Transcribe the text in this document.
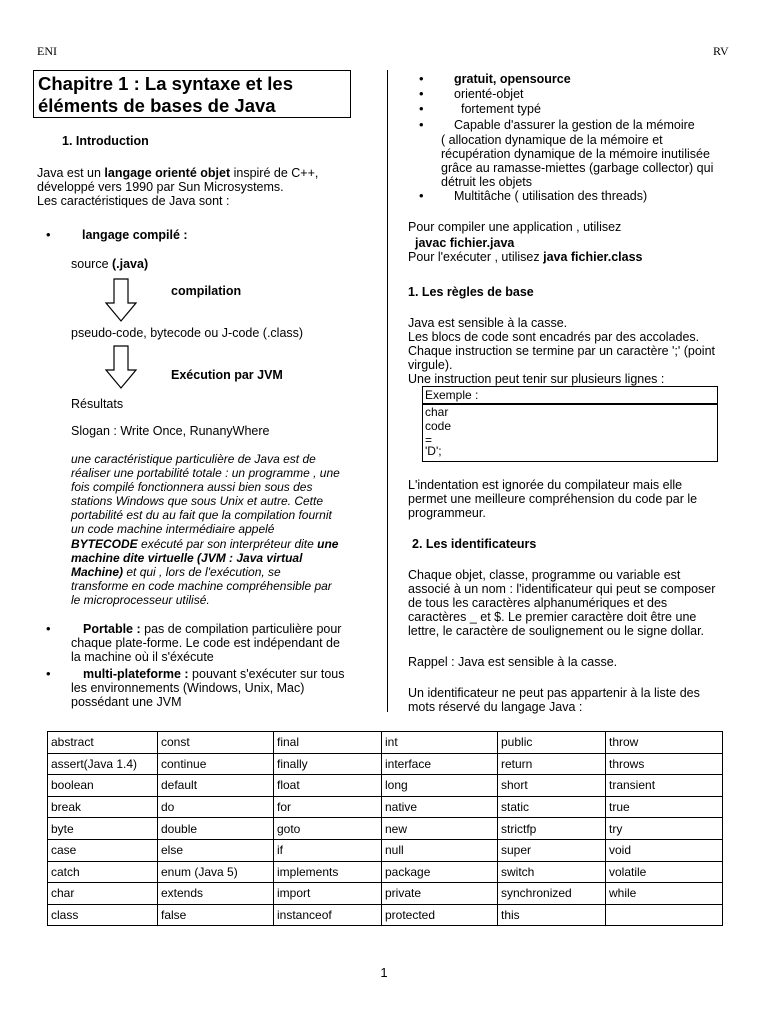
ENI	RV
Chapitre 1 : La syntaxe et les
éléments de bases de Java
1. Introduction
Java est un langage orienté objet inspiré de C++,
développé vers 1990 par Sun Microsystems.
Les caractéristiques de Java sont :
•	langage compilé :
source (.java)
compilation
pseudo-code, bytecode ou J-code (.class)
Exécution par JVM
Résultats
Slogan : Write Once, RunanyWhere
une caractéristique particulière de Java est de
réaliser une portabilité totale : un programme , une
fois compilé fonctionnera aussi bien sous des
stations Windows que sous Unix et autre. Cette
portabilité est du au fait que la compilation fournit
un code machine intermédiaire appelé
BYTECODE exécuté par son interpréteur dite une
machine dite virtuelle (JVM : Java virtual
Machine) et qui , lors de l'exécution, se
transforme en code machine compréhensible par
le microprocesseur utilisé.
•	Portable : pas de compilation particulière pour
chaque plate-forme. Le code est indépendant de
la machine où il s'éxécute
•	multi-plateforme : pouvant s'exécuter sur tous
les environnements (Windows, Unix, Mac)
possédant une JVM
• gratuit, opensource
• orienté-objet
•	fortement typé
• Capable d'assurer la gestion de la mémoire
( allocation dynamique de la mémoire et
récupération dynamique de la mémoire inutilisée
grâce au ramasse-miettes (garbage collector) qui
détruit les objets
• Multitâche ( utilisation des threads)
Pour compiler une application , utilisez
javac fichier.java
Pour l'exécuter , utilisez java fichier.class
1. Les règles de base
Java est sensible à la casse.
Les blocs de code sont encadrés par des accolades.
Chaque instruction se termine par un caractère ';' (point
virgule).
Une instruction peut tenir sur plusieurs lignes :
Exemple :
char
code
=
'D';
L'indentation est ignorée du compilateur mais elle
permet une meilleure compréhension du code par le
programmeur.
2. Les identificateurs
Chaque objet, classe, programme ou variable est
associé à un nom : l'identificateur qui peut se composer
de tous les caractères alphanumériques et des
caractères _ et $. Le premier caractère doit être une
lettre, le caractère de soulignement ou le signe dollar.
Rappel : Java est sensible à la casse.
Un identificateur ne peut pas appartenir à la liste des
mots réservé du langage Java :
abstract	const	final	int	public	throw
assert(Java 1.4)	continue	finally	interface	return	throws
boolean	default	float	long	short	transient
break	do	for	native	static	true
byte	double	goto	new	strictfp	try
case	else	if	null	super	void
catch	enum (Java 5)	implements	package	switch	volatile
char	extends	import	private	synchronized	while
class	false	instanceof	protected	this	
1
